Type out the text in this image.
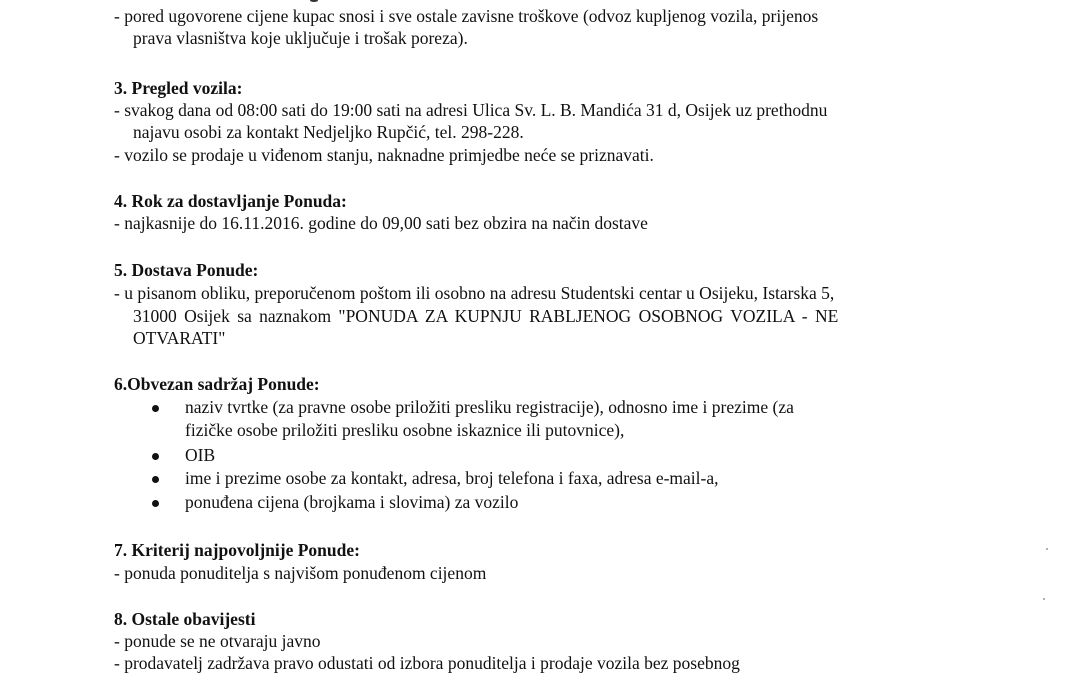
- pored ugovorene cijene kupac snosi i sve ostale zavisne troškove (odvoz kupljenog vozila, prijenos
prava vlasništva koje uključuje i trošak poreza).
3. Pregled vozila:
- svakog dana od 08:00 sati do 19:00 sati na adresi Ulica Sv. L. B. Mandića 31 d, Osijek uz prethodnu
najavu osobi za kontakt Nedjeljko Rupčić, tel. 298-228.
- vozilo se prodaje u viđenom stanju, naknadne primjedbe neće se priznavati.
4. Rok za dostavljanje Ponuda:
- najkasnije do 16.11.2016. godine do 09,00 sati bez obzira na način dostave
5. Dostava Ponude:
- u pisanom obliku, preporučenom poštom ili osobno na adresu Studentski centar u Osijeku, Istarska 5,
31000 Osijek sa naznakom "PONUDA ZA KUPNJU RABLJENOG OSOBNOG VOZILA - NE
OTVARATI"
6.Obvezan sadržaj Ponude:
naziv tvrtke (za pravne osobe priložiti presliku registracije), odnosno ime i prezime (za
fizičke osobe priložiti presliku osobne iskaznice ili putovnice),
OIB
ime i prezime osobe za kontakt, adresa, broj telefona i faxa, adresa e-mail-a,
ponuđena cijena (brojkama i slovima) za vozilo
7. Kriterij najpovoljnije Ponude:
- ponuda ponuditelja s najvišom ponuđenom cijenom
8. Ostale obavijesti
- ponude se ne otvaraju javno
- prodavatelj zadržava pravo odustati od izbora ponuditelja i prodaje vozila bez posebnog
